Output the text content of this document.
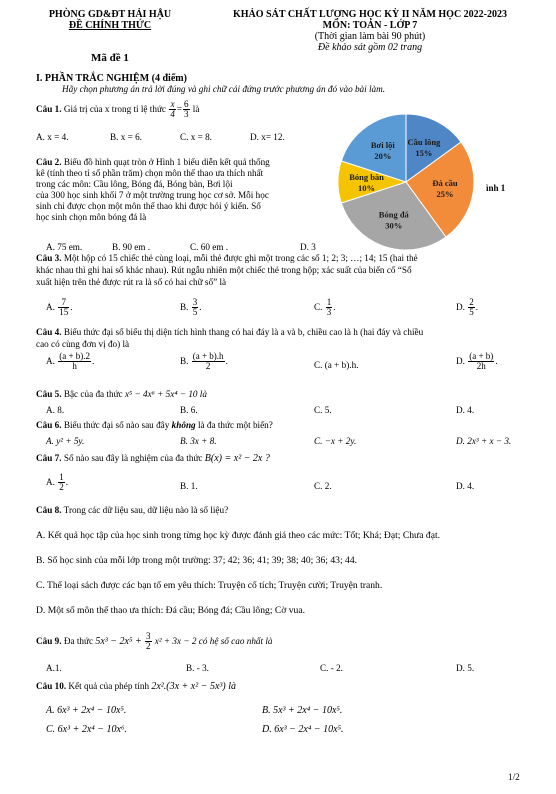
PHÒNG GD&ĐT HẢI HẬU
ĐỀ CHÍNH THỨC
Mã đề 1
KHẢO SÁT CHẤT LƯỢNG HỌC KỲ II NĂM HỌC 2022-2023
MÔN: TOÁN - LỚP 7
(Thời gian làm bài 90 phút)
Đề khảo sát gồm 02 trang
I. PHẦN TRẮC NGHIỆM (4 điểm)
Hãy chọn phương án trả lời đúng và ghi chữ cái đứng trước phương án đó vào bài làm.
Câu 1. Giá trị của x trong tỉ lệ thức $\frac{x}{4} = \frac{6}{3}$ là
A. x = 4.	B. x = 6.	C. x = 8.	D. x= 12.
Câu 2. Biểu đồ hình quạt tròn ở Hình 1 biểu diễn kết quả thống
kê (tính theo tỉ số phần trăm) chọn môn thể thao ưa thích nhất
trong các môn: Cầu lông, Bóng đá, Bóng bàn, Bơi lội
của 300 học sinh khối 7 ở một trường trung học cơ sở. Mỗi học
sinh chỉ được chọn một môn thể thao khi được hỏi ý kiến. Số
học sinh chọn môn bóng đá là
A. 75 em.	B. 90 em .	C. 60 em .	D. 3
Cầu lông
15%
Đá cầu
25%
Bóng đá
30%
Bóng bàn
10%
Bơi lội
20%
ình 1
Câu 3. Một hộp có 15 chiếc thẻ cùng loại, mỗi thẻ được ghi một trong các số 1; 2; 3; …; 14; 15 (hai thẻ
khác nhau thì ghi hai số khác nhau). Rút ngẫu nhiên một chiếc thẻ trong hộp; xác suất của biến cố “Số
xuất hiện trên thẻ được rút ra là số có hai chữ số” là
A. $\frac{7}{15}$ .	B. $\frac{3}{5}$ .	C. $\frac{1}{3}$ .	D. $\frac{2}{5}$ .
Câu 4. Biểu thức đại số biểu thị diện tích hình thang có hai đáy là a và b, chiều cao là h (hai đáy và chiều
cao có cùng đơn vị đo) là
A. $\frac{(a + b).2}{h}$ .	B. $\frac{(a + b).h}{2}$ .	C. (a + b).h.	D. $\frac{(a + b)}{2h}$ .
Câu 5. Bậc của đa thức x⁵ − 4x⁶ + 5x⁴ − 10 là
A. 8.	B. 6.	C. 5.	D. 4.
Câu 6. Biểu thức đại số nào sau đây không là đa thức một biến?
A. y² + 5y.	B. 3x + 8.	C. −x + 2y.	D. 2x³ + x − 3.
Câu 7. Số nào sau đây là nghiệm của đa thức B(x) = x² − 2x ?
A. $\frac{1}{2}$ .	B. 1.	C. 2.	D. 4.
Câu 8. Trong các dữ liệu sau, dữ liệu nào là số liệu?
A. Kết quả học tập của học sinh trong từng học kỳ được đánh giá theo các mức: Tốt; Khá; Đạt; Chưa đạt.
B. Số học sinh của mỗi lớp trong một trường: 37; 42; 36; 41; 39; 38; 40; 36; 43; 44.
C. Thể loại sách được các bạn tổ em yêu thích: Truyện cổ tích; Truyện cười; Truyện tranh.
D. Một số môn thể thao ưa thích: Đá cầu; Bóng đá; Cầu lông; Cờ vua.
Câu 9. Đa thức $5x^3 - 2x^5 + \frac{3}{2} x^2 + 3x - 2$ có hệ số cao nhất là
A.1.	B. - 3.	C. - 2.	D. 5.
Câu 10. Kết quả của phép tính 2x².(3x + x² − 5x³) là
A. 6x³ + 2x⁴ − 10x⁵.	B. 5x³ + 2x⁴ − 10x⁵.
C. 6x³ + 2x⁴ − 10x⁶.	D. 6x³ − 2x⁴ − 10x⁵.
1/2
